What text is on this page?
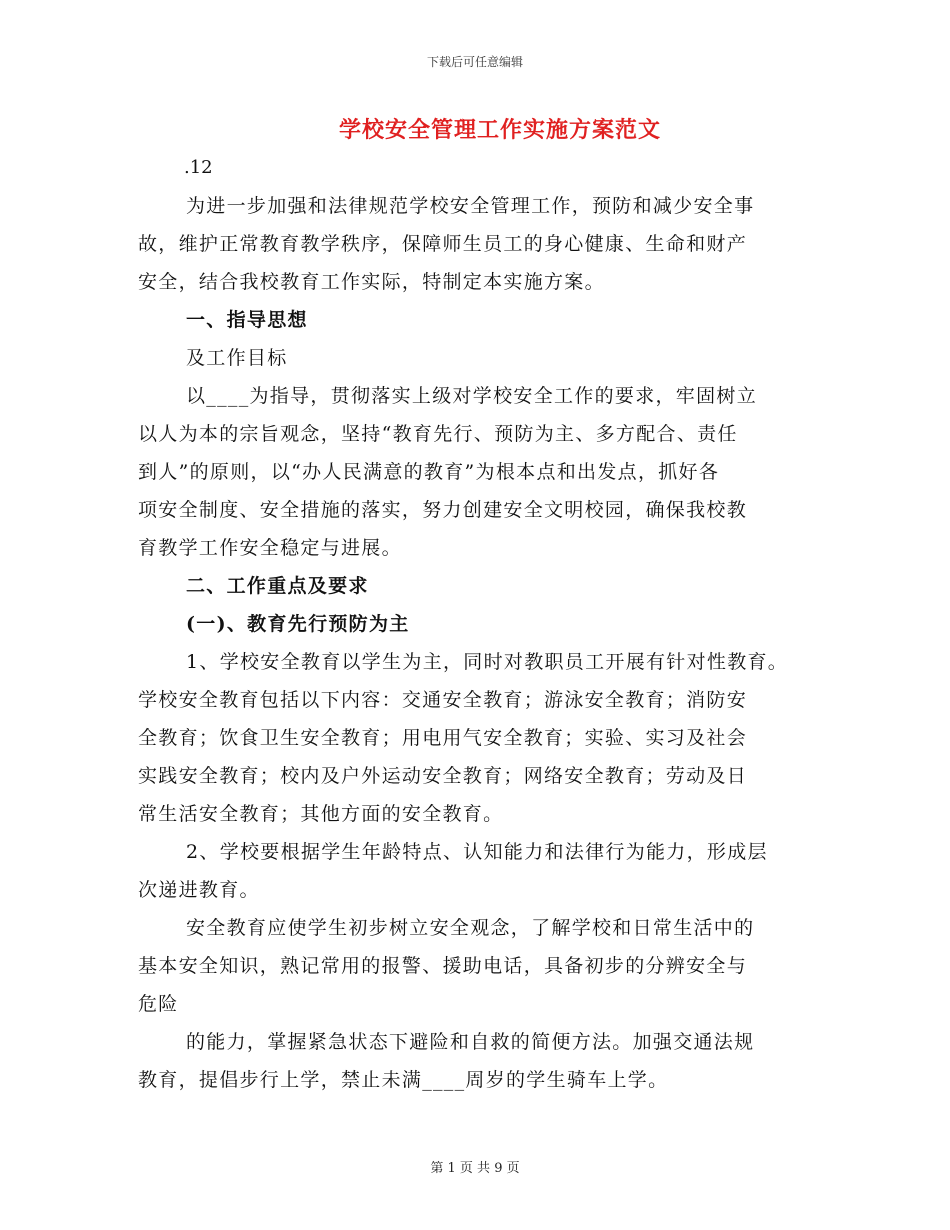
下载后可任意编辑
学校安全管理工作实施方案范文
.12

为进一步加强和法律规范学校安全管理工作，预防和减少安全事

故，维护正常教育教学秩序，保障师生员工的身心健康、生命和财产

安全，结合我校教育工作实际，特制定本实施方案。

一、指导思想

及工作目标

以____为指导，贯彻落实上级对学校安全工作的要求，牢固树立

以人为本的宗旨观念，坚持“教育先行、预防为主、多方配合、责任

到人”的原则，以“办人民满意的教育”为根本点和出发点，抓好各

项安全制度、安全措施的落实，努力创建安全文明校园，确保我校教

育教学工作安全稳定与进展。

二、工作重点及要求

(一)、教育先行预防为主

1、学校安全教育以学生为主，同时对教职员工开展有针对性教育。

学校安全教育包括以下内容：交通安全教育；游泳安全教育；消防安

全教育；饮食卫生安全教育；用电用气安全教育；实验、实习及社会

实践安全教育；校内及户外运动安全教育；网络安全教育；劳动及日

常生活安全教育；其他方面的安全教育。

2、学校要根据学生年龄特点、认知能力和法律行为能力，形成层

次递进教育。

安全教育应使学生初步树立安全观念，了解学校和日常生活中的

基本安全知识，熟记常用的报警、援助电话，具备初步的分辨安全与

危险

的能力，掌握紧急状态下避险和自救的简便方法。加强交通法规

教育，提倡步行上学，禁止未满____周岁的学生骑车上学。

第 1 页 共 9 页
